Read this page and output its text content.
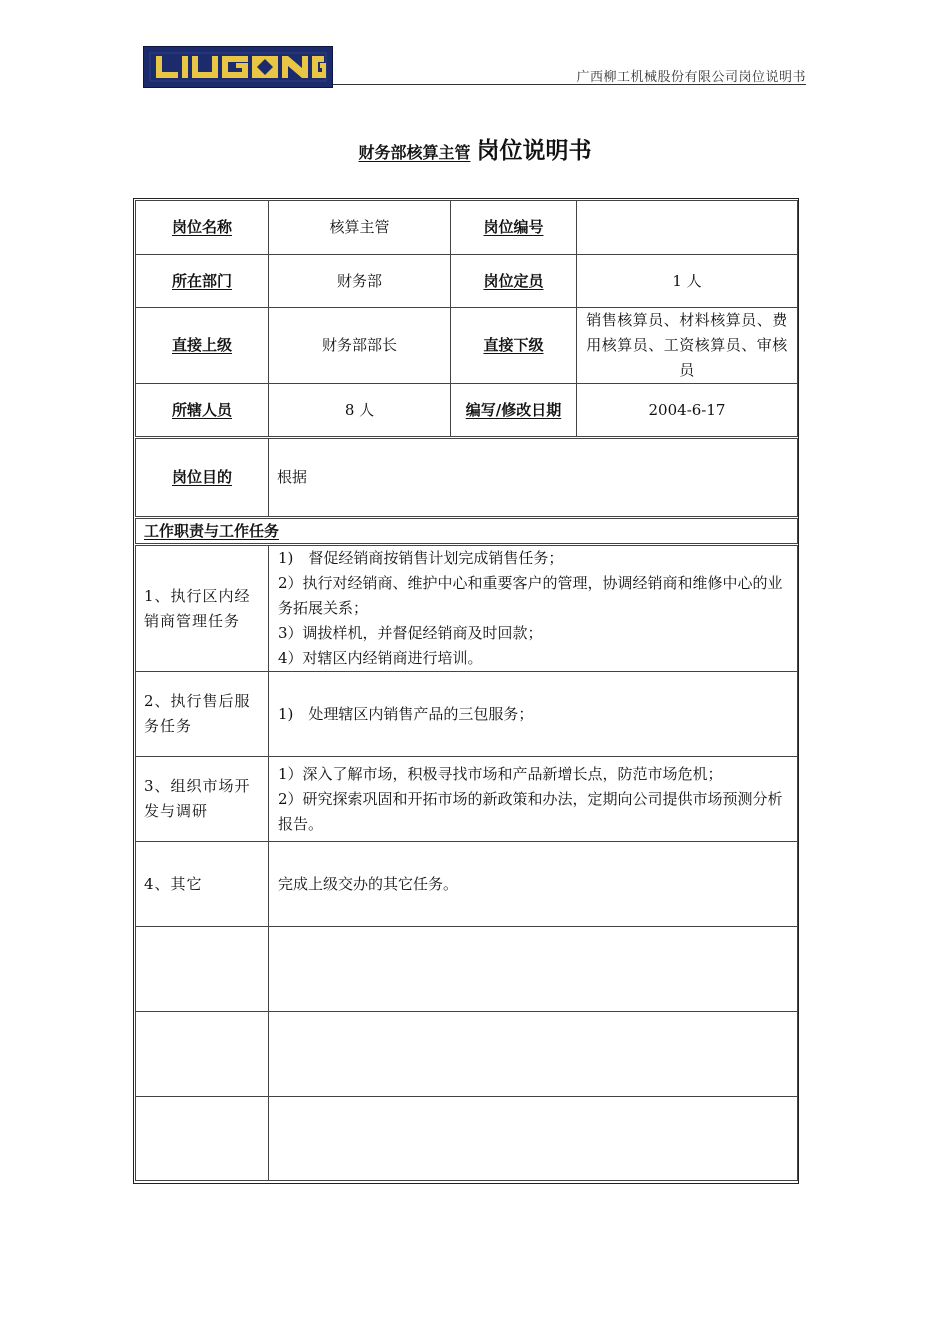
广西柳工机械股份有限公司岗位说明书
财务部核算主管 岗位说明书
岗位名称	核算主管	岗位编号	
所在部门	财务部	岗位定员	1 人
直接上级	财务部部长	直接下级	销售核算员、材料核算员、费用核算员、工资核算员、审核员
所辖人员	8 人	编写/修改日期	2004-6-17
岗位目的	根据		
工作职责与工作任务			
1、执行区内经销商管理任务	1)　督促经销商按销售计划完成销售任务；
2）执行对经销商、维护中心和重要客户的管理，协调经销商和维修中心的业务拓展关系；
3）调拔样机，并督促经销商及时回款；
4）对辖区内经销商进行培训。		

2、执行售后服务任务	1)　处理辖区内销售产品的三包服务；		

3、组织市场开发与调研	1）深入了解市场，积极寻找市场和产品新增长点，防范市场危机；
2）研究探索巩固和开拓市场的新政策和办法，定期向公司提供市场预测分析报告。		

4、其它	完成上级交办的其它任务。		
